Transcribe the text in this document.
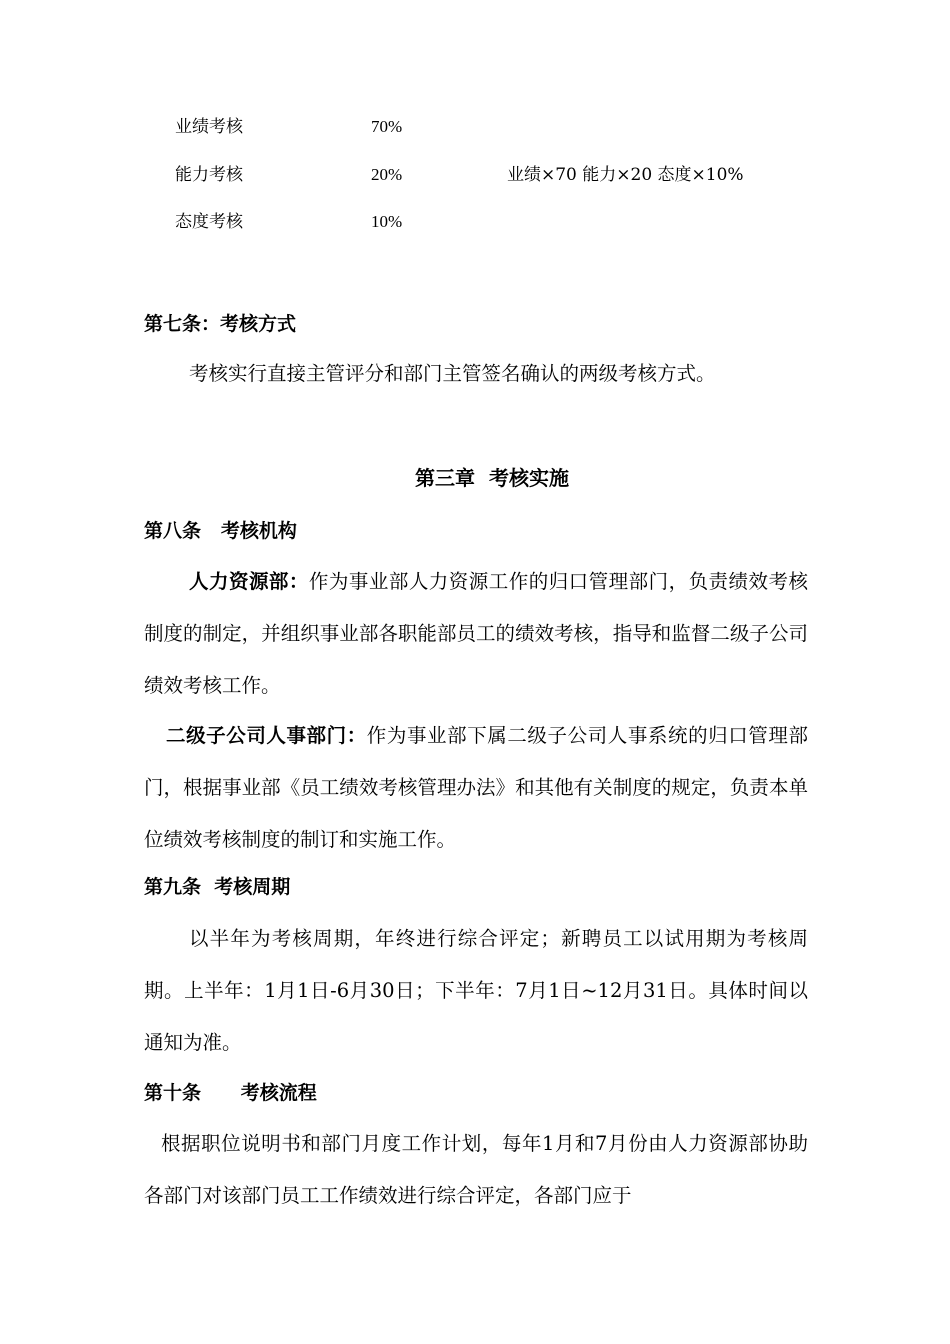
业绩考核	70%
能力考核	20%	业绩×70 能力×20 态度×10%
态度考核	10%
第七条：考核方式

考核实行直接主管评分和部门主管签名确认的两级考核方式。

第三章  考核实施
第八条   考核机构

人力资源部：作为事业部人力资源工作的归口管理部门，负责绩效考核制度的制定，并组织事业部各职能部员工的绩效考核，指导和监督二级子公司绩效考核工作。

二级子公司人事部门：作为事业部下属二级子公司人事系统的归口管理部门，根据事业部《员工绩效考核管理办法》和其他有关制度的规定，负责本单位绩效考核制度的制订和实施工作。

第九条  考核周期

以半年为考核周期，年终进行综合评定；新聘员工以试用期为考核周期。上半年：1月1日-6月30日；下半年：7月1日~12月31日。具体时间以通知为准。

第十条      考核流程

根据职位说明书和部门月度工作计划，每年1月和7月份由人力资源部协助各部门对该部门员工工作绩效进行综合评定，各部门应于
